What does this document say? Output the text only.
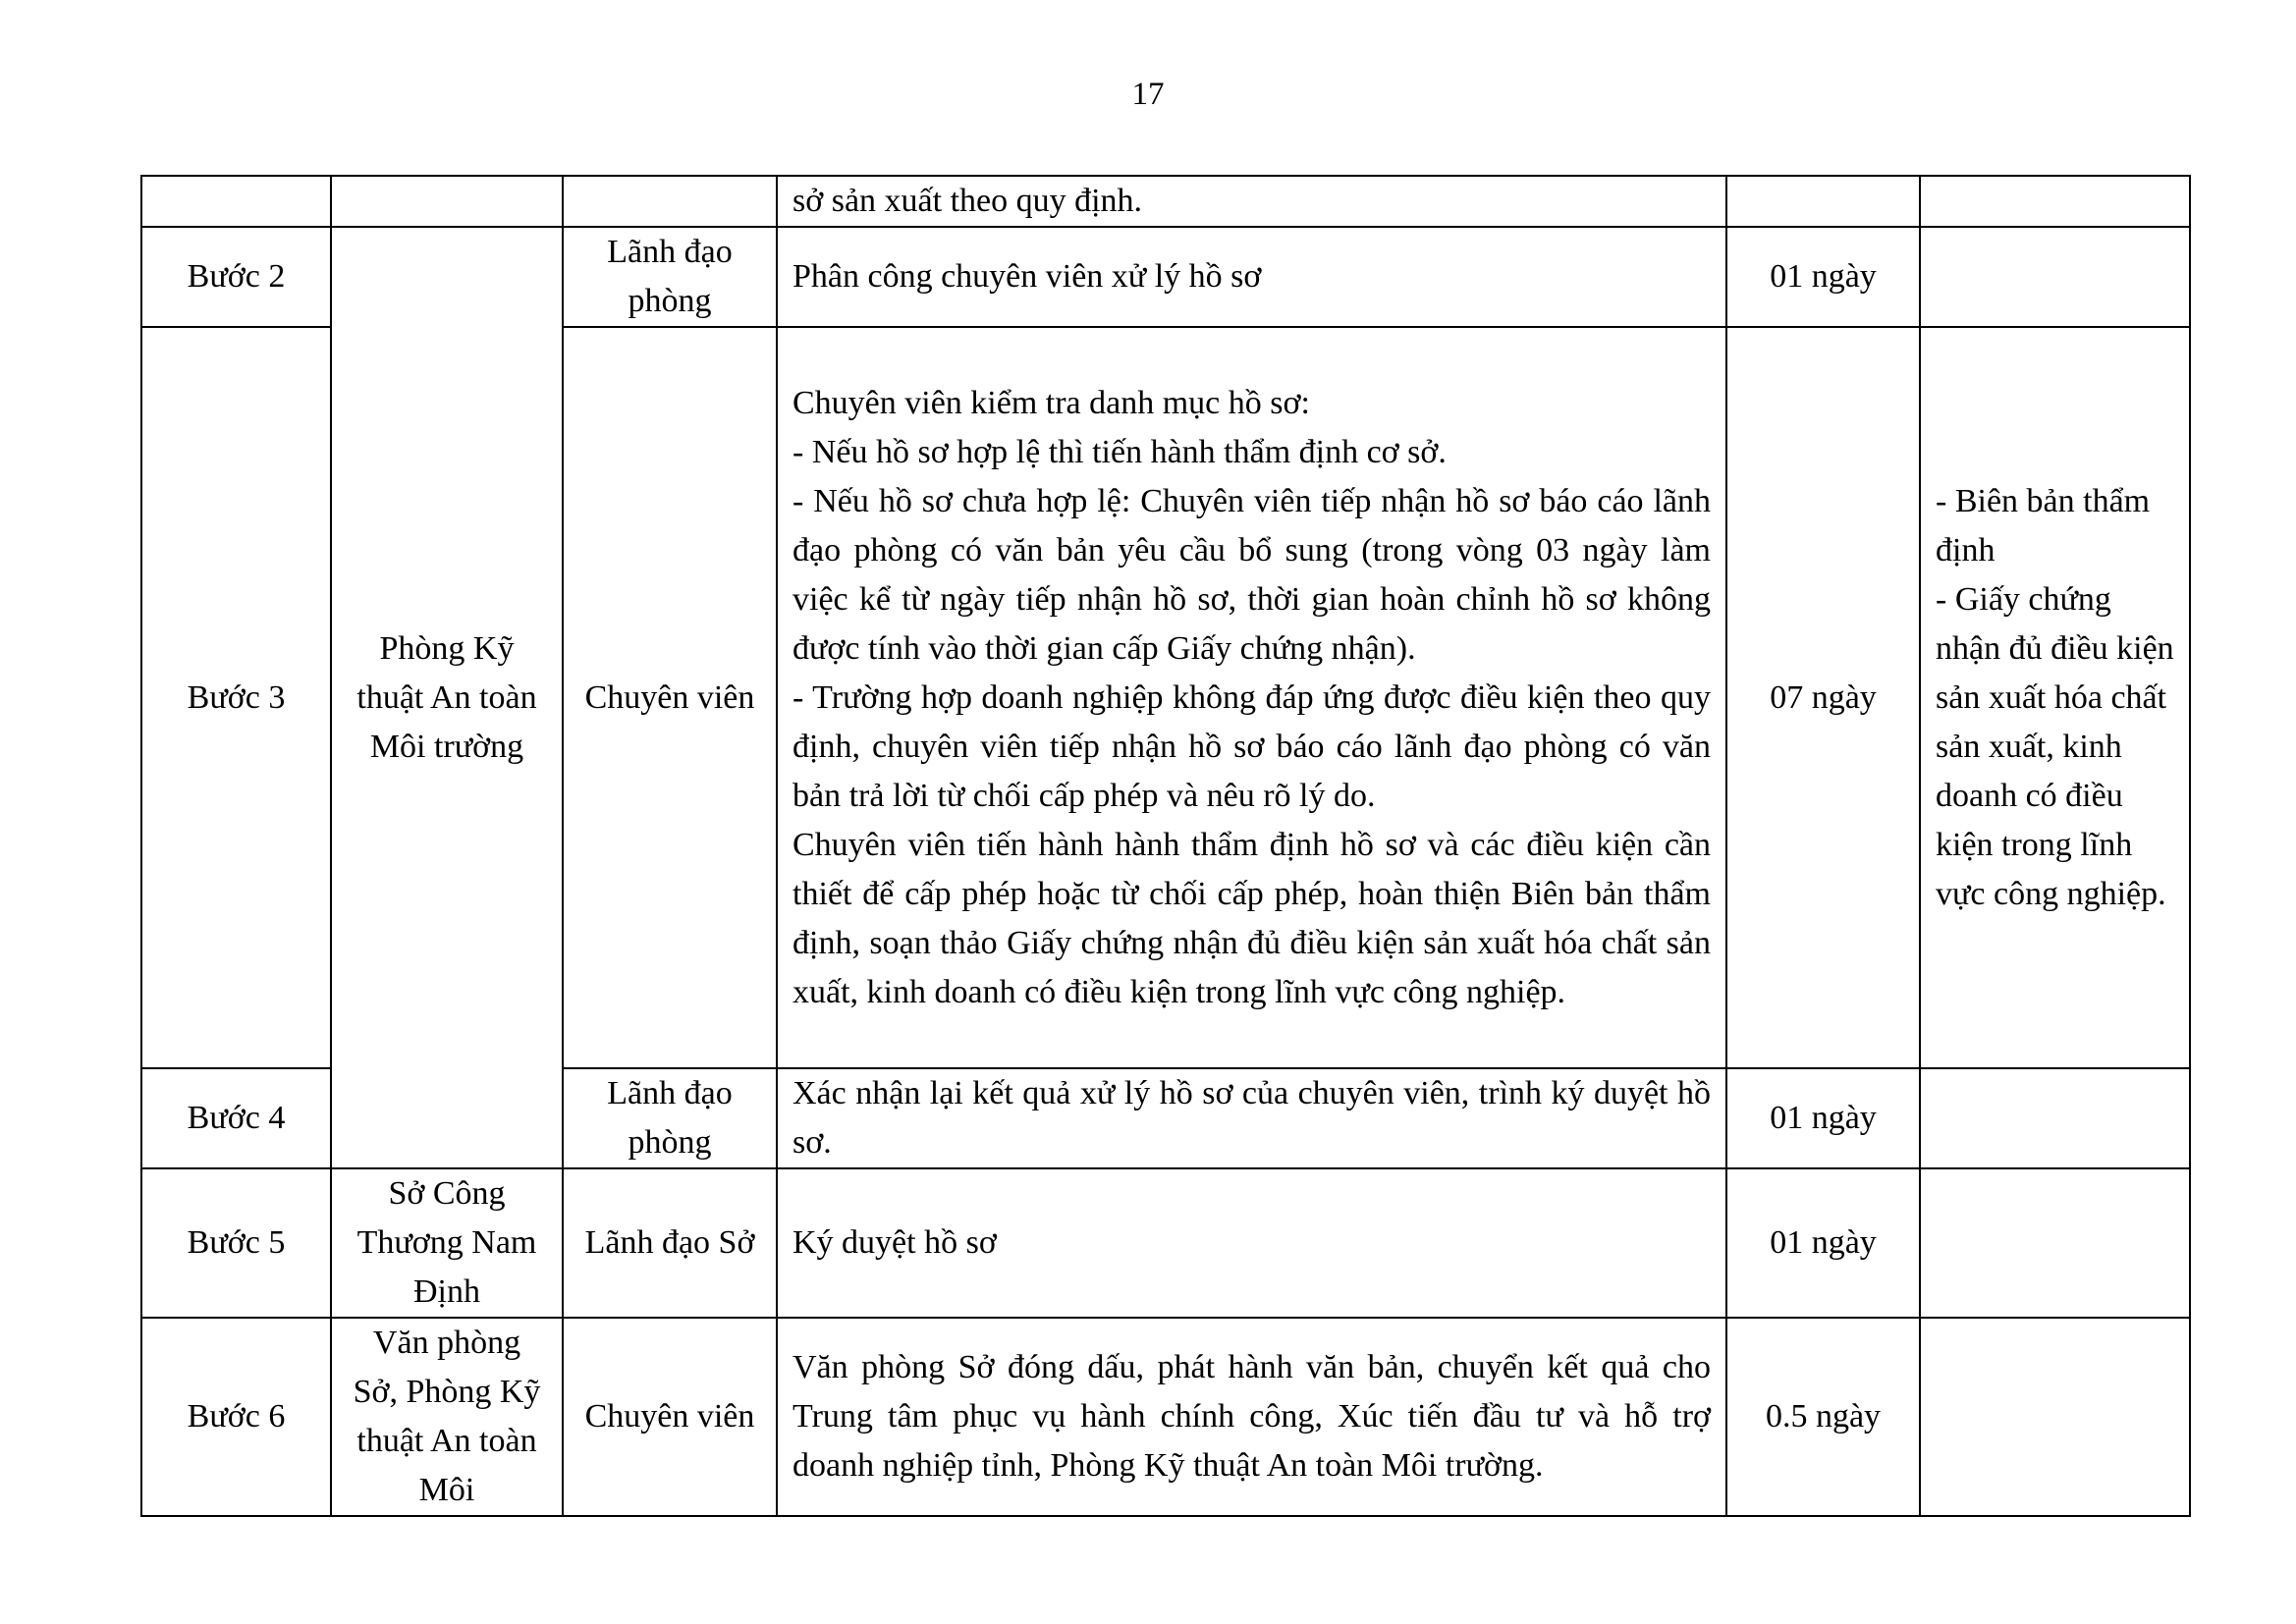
17
			sở sản xuất theo quy định.		
Bước 2	Phòng Kỹ thuật An toàn Môi trường	Lãnh đạo phòng	Phân công chuyên viên xử lý hồ sơ	01 ngày	
Bước 3		Chuyên viên	Chuyên viên kiểm tra danh mục hồ sơ:
- Nếu hồ sơ hợp lệ thì tiến hành thẩm định cơ sở.
- Nếu hồ sơ chưa hợp lệ: Chuyên viên tiếp nhận hồ sơ báo cáo lãnh đạo phòng có văn bản yêu cầu bổ sung (trong vòng 03 ngày làm việc kể từ ngày tiếp nhận hồ sơ, thời gian hoàn chỉnh hồ sơ không được tính vào thời gian cấp Giấy chứng nhận).
- Trường hợp doanh nghiệp không đáp ứng được điều kiện theo quy định, chuyên viên tiếp nhận hồ sơ báo cáo lãnh đạo phòng có văn bản trả lời từ chối cấp phép và nêu rõ lý do.
Chuyên viên tiến hành hành thẩm định hồ sơ và các điều kiện cần thiết để cấp phép hoặc từ chối cấp phép, hoàn thiện Biên bản thẩm định, soạn thảo Giấy chứng nhận đủ điều kiện sản xuất hóa chất sản xuất, kinh doanh có điều kiện trong lĩnh vực công nghiệp.	07 ngày	- Biên bản thẩm định
- Giấy chứng nhận đủ điều kiện sản xuất hóa chất sản xuất, kinh doanh có điều kiện trong lĩnh vực công nghiệp.

Bước 4		Lãnh đạo phòng	Xác nhận lại kết quả xử lý hồ sơ của chuyên viên, trình ký duyệt hồ sơ.	01 ngày	
Bước 5	Sở Công Thương Nam Định	Lãnh đạo Sở	Ký duyệt hồ sơ	01 ngày	
Bước 6	Văn phòng Sở, Phòng Kỹ thuật An toàn Môi	Chuyên viên	Văn phòng Sở đóng dấu, phát hành văn bản, chuyển kết quả cho Trung tâm phục vụ hành chính công, Xúc tiến đầu tư và hỗ trợ doanh nghiệp tỉnh, Phòng Kỹ thuật An toàn Môi trường.	0.5 ngày	
